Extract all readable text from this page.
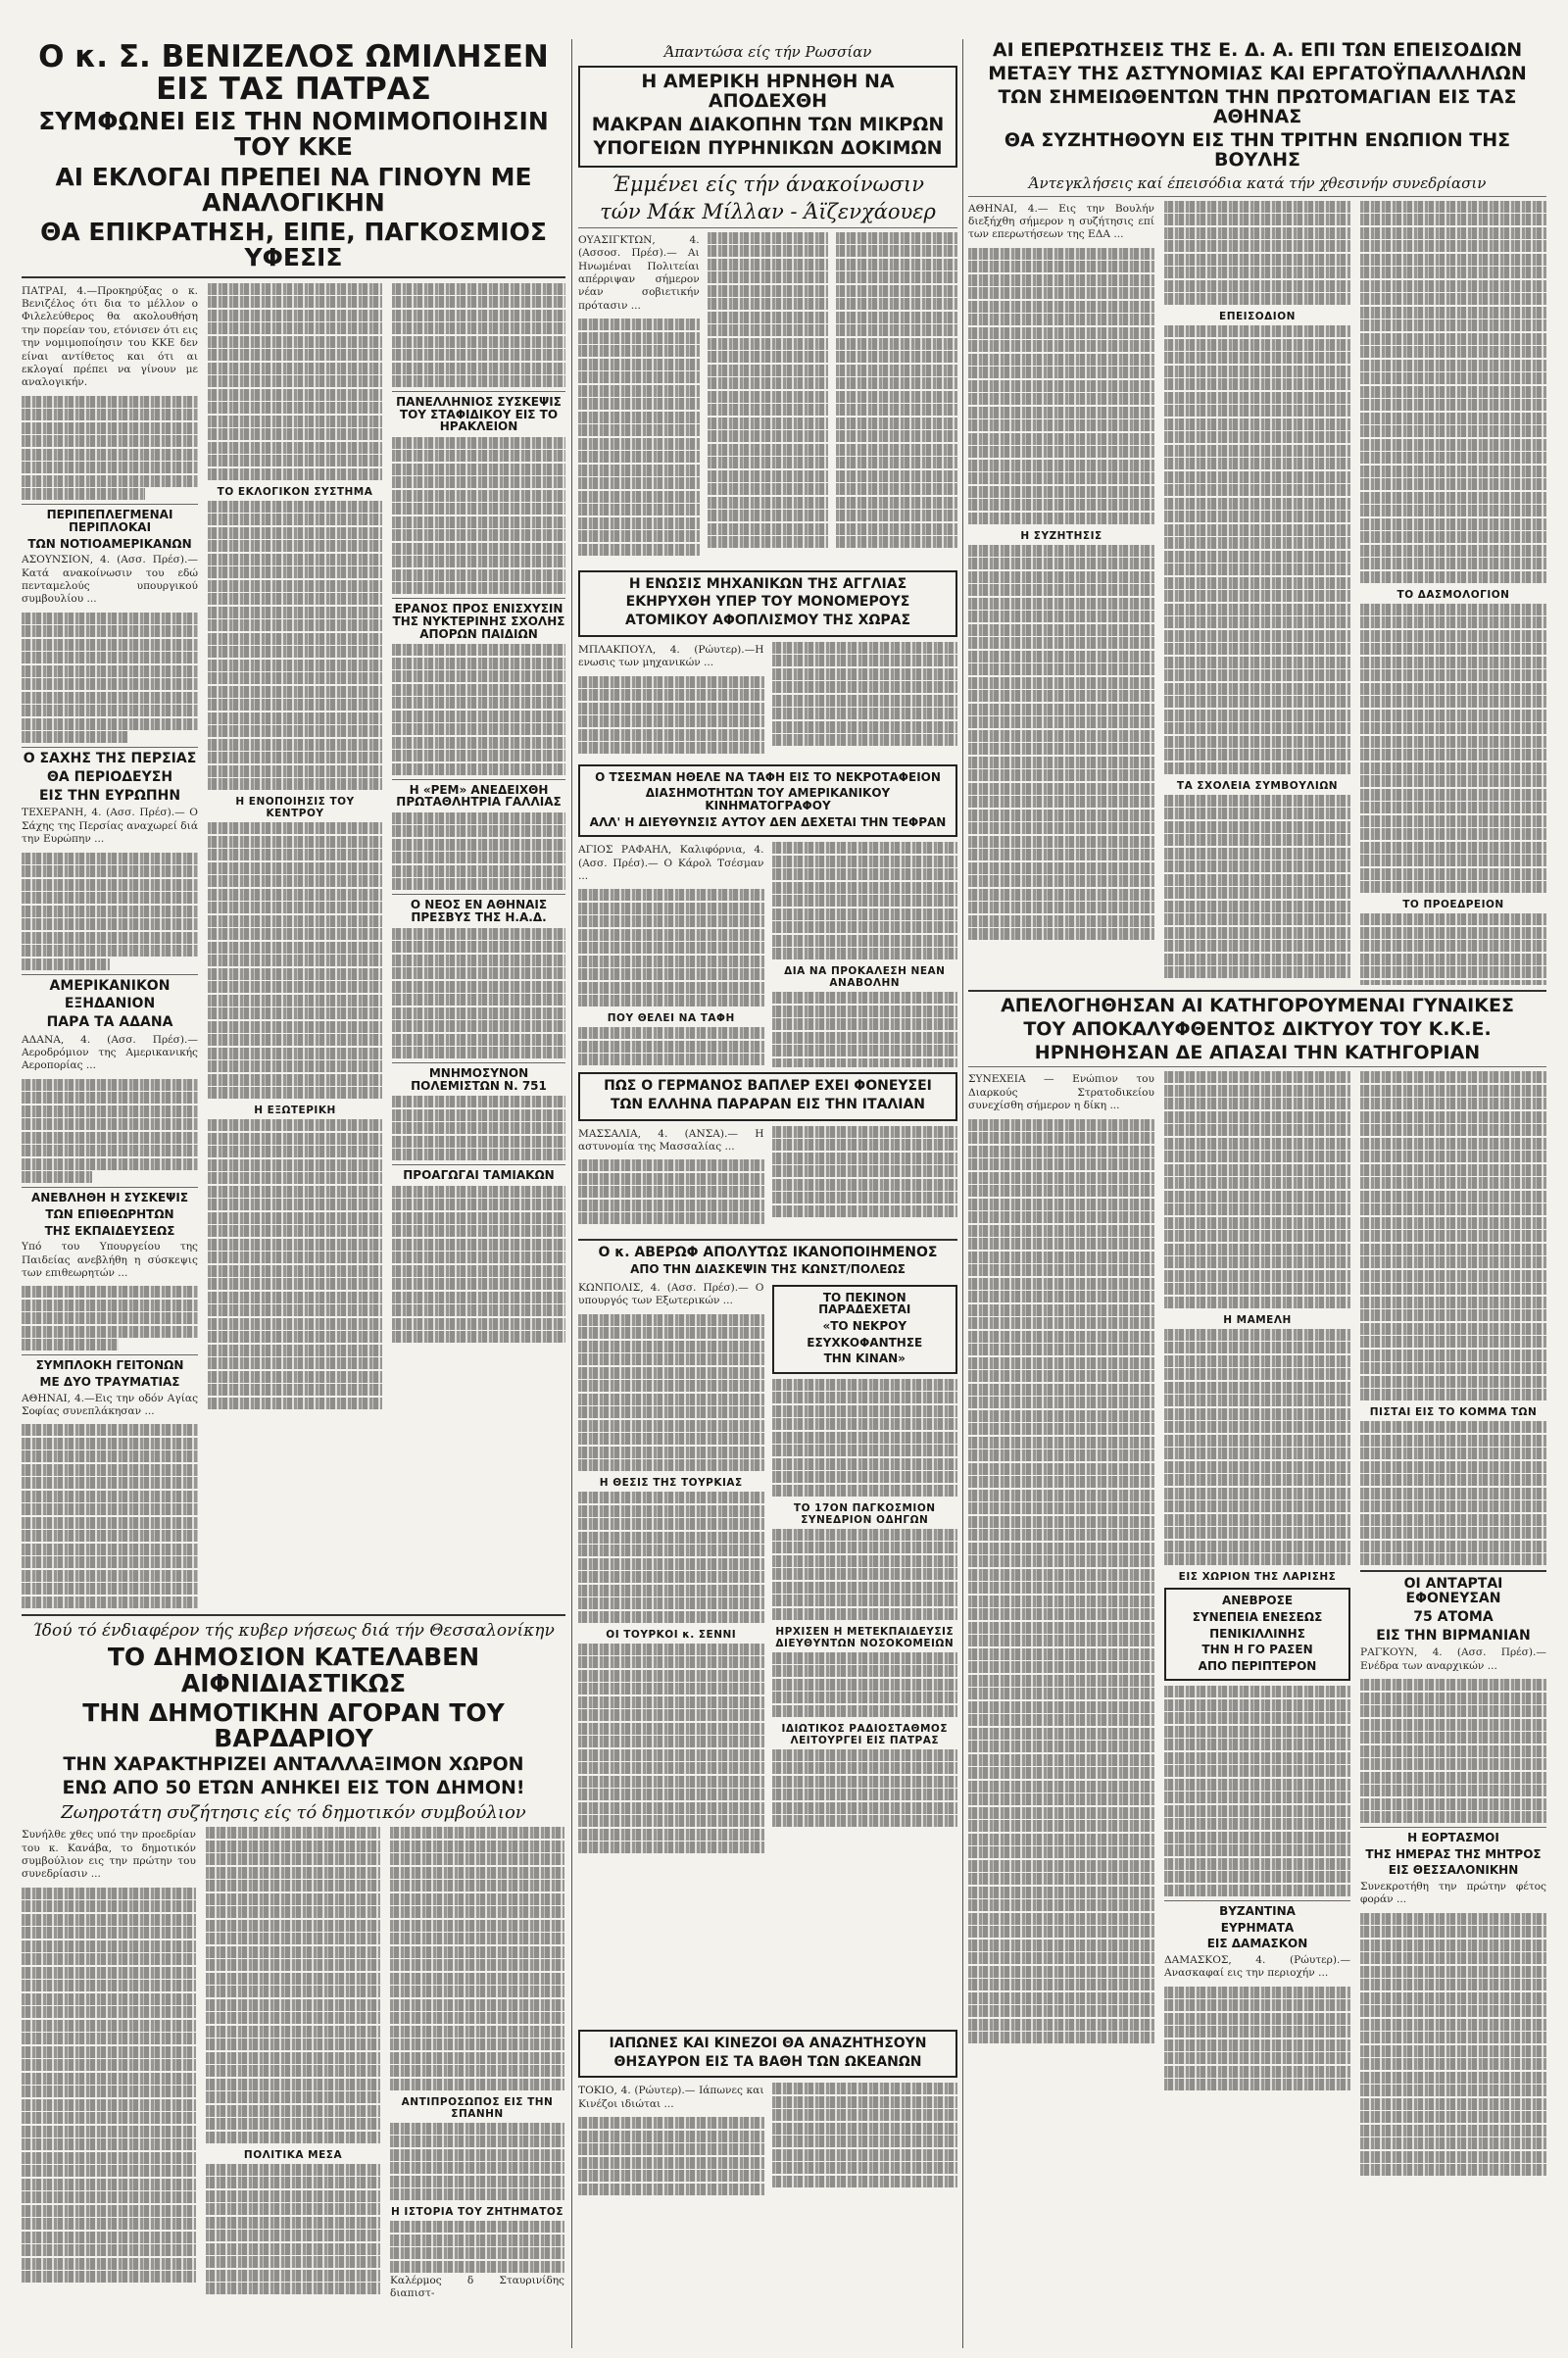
Ο κ. Σ. ΒΕΝΙΖΕΛΟΣ ΩΜΙΛΗΣΕΝ ΕΙΣ ΤΑΣ ΠΑΤΡΑΣ
ΣΥΜΦΩΝΕΙ ΕΙΣ ΤΗΝ ΝΟΜΙΜΟΠΟΙΗΣΙΝ ΤΟΥ ΚΚΕ
ΑΙ ΕΚΛΟΓΑΙ ΠΡΕΠΕΙ ΝΑ ΓΙΝΟΥΝ ΜΕ ΑΝΑΛΟΓΙΚΗΝ
ΘΑ ΕΠΙΚΡΑΤΗΣΗ, ΕΙΠΕ, ΠΑΓΚΟΣΜΙΟΣ ΥΦΕΣΙΣ
ΠΑΤΡΑΙ, 4.—Προκηρύξας ο κ. Βενιζέλος ότι δια το μέλλον ο Φιλελεύθερος θα ακολουθήση την πορείαν του, ετόνισεν ότι εις την νομιμοποίησιν του ΚΚΕ δεν είναι αντίθετος και ότι αι εκλογαί πρέπει να γίνουν με αναλογικήν.
ΠΕΡΙΠΕΠΛΕΓΜΕΝΑΙ ΠΕΡΙΠΛΟΚΑΙ
ΤΩΝ ΝΟΤΙΟΑΜΕΡΙΚΑΝΩΝ
ΑΣΟΥΝΣΙΟΝ, 4. (Ασσ. Πρέσ).— Κατά ανακοίνωσιν του εδώ πενταμελούς υπουργικού συμβουλίου ...
Ο ΣΑΧΗΣ ΤΗΣ ΠΕΡΣΙΑΣ
ΘΑ ΠΕΡΙΟΔΕΥΣΗ
ΕΙΣ ΤΗΝ ΕΥΡΩΠΗΝ
ΤΕΧΕΡΑΝΗ, 4. (Ασσ. Πρέσ).— Ο Σάχης της Περσίας αναχωρεί διά την Ευρώπην ...
ΑΜΕΡΙΚΑΝΙΚΟΝ
ΕΞΗΔΑΝΙΟΝ
ΠΑΡΑ ΤΑ ΑΔΑΝΑ
ΑΔΑΝΑ, 4. (Ασσ. Πρέσ).— Αεροδρόμιον της Αμερικανικής Αεροπορίας ...
ΑΝΕΒΛΗΘΗ Η ΣΥΣΚΕΨΙΣ
ΤΩΝ ΕΠΙΘΕΩΡΗΤΩΝ
ΤΗΣ ΕΚΠΑΙΔΕΥΣΕΩΣ
Υπό του Υπουργείου της Παιδείας ανεβλήθη η σύσκεψις των επιθεωρητών ...
ΣΥΜΠΛΟΚΗ ΓΕΙΤΟΝΩΝ
ΜΕ ΔΥΟ ΤΡΑΥΜΑΤΙΑΣ
ΑΘΗΝΑΙ, 4.—Εις την οδόν Αγίας Σοφίας συνεπλάκησαν ...
ΤΟ ΕΚΛΟΓΙΚΟΝ ΣΥΣΤΗΜΑ
Η ΕΝΟΠΟΙΗΣΙΣ ΤΟΥ ΚΕΝΤΡΟΥ
Η ΕΞΩΤΕΡΙΚΗ
ΠΑΝΕΛΛΗΝΙΟΣ ΣΥΣΚΕΨΙΣ ΤΟΥ ΣΤΑΦΙΔΙΚΟΥ ΕΙΣ ΤΟ ΗΡΑΚΛΕΙΟΝ
ΕΡΑΝΟΣ ΠΡΟΣ ΕΝΙΣΧΥΣΙΝ ΤΗΣ ΝΥΚΤΕΡΙΝΗΣ ΣΧΟΛΗΣ ΑΠΟΡΩΝ ΠΑΙΔΙΩΝ
Η «ΡΕΜ» ΑΝΕΔΕΙΧΘΗ ΠΡΩΤΑΘΛΗΤΡΙΑ ΓΑΛΛΙΑΣ
Ο ΝΕΟΣ ΕΝ ΑΘΗΝΑΙΣ ΠΡΕΣΒΥΣ ΤΗΣ Η.Α.Δ.
ΜΝΗΜΟΣΥΝΟΝ ΠΟΛΕΜΙΣΤΩΝ Ν. 751
ΠΡΟΑΓΩΓΑΙ ΤΑΜΙΑΚΩΝ
Ίδού τό ένδιαφέρον τής κυβερ νήσεως διά τήν Θεσσαλονίκην
ΤΟ ΔΗΜΟΣΙΟΝ ΚΑΤΕΛΑΒΕΝ ΑΙΦΝΙΔΙΑΣΤΙΚΩΣ
ΤΗΝ ΔΗΜΟΤΙΚΗΝ ΑΓΟΡΑΝ ΤΟΥ ΒΑΡΔΑΡΙΟΥ
ΤΗΝ ΧΑΡΑΚΤΗΡΙΖΕΙ ΑΝΤΑΛΛΑΞΙΜΟΝ ΧΩΡΟΝ
ΕΝΩ ΑΠΟ 50 ΕΤΩΝ ΑΝΗΚΕΙ ΕΙΣ ΤΟΝ ΔΗΜΟΝ!
Ζωηροτάτη συζήτησις είς τό δημοτικόν συμβούλιον
Συνήλθε χθες υπό την προεδρίαν του κ. Κανάβα, το δημοτικόν συμβούλιον εις την πρώτην του συνεδρίασιν ...
ΠΟΛΙΤΙΚΑ ΜΕΣΑ
ΑΝΤΙΠΡΟΣΩΠΟΣ ΕΙΣ ΤΗΝ ΣΠΑΝΗΝ
Η ΙΣΤΟΡΙΑ ΤΟΥ ΖΗΤΗΜΑΤΟΣ
Καλέρμος δ Σταυρινίδης διαπιστ-
Άπαντώσα είς τήν Ρωσσίαν
Η ΑΜΕΡΙΚΗ ΗΡΝΗΘΗ ΝΑ ΑΠΟΔΕΧΘΗ
ΜΑΚΡΑΝ ΔΙΑΚΟΠΗΝ ΤΩΝ ΜΙΚΡΩΝ
ΥΠΟΓΕΙΩΝ ΠΥΡΗΝΙΚΩΝ ΔΟΚΙΜΩΝ
Έμμένει είς τήν άνακοίνωσιν
τών Μάκ Μίλλαν - Άϊζενχάουερ
ΟΥΑΣΙΓΚΤΩΝ, 4. (Ασσοσ. Πρέσ).— Αι Ηνωμέναι Πολιτείαι απέρριψαν σήμερον νέαν σοβιετικήν πρότασιν ...
Η ΕΝΩΣΙΣ ΜΗΧΑΝΙΚΩΝ ΤΗΣ ΑΓΓΛΙΑΣ
ΕΚΗΡΥΧΘΗ ΥΠΕΡ ΤΟΥ ΜΟΝΟΜΕΡΟΥΣ
ΑΤΟΜΙΚΟΥ ΑΦΟΠΛΙΣΜΟΥ ΤΗΣ ΧΩΡΑΣ
ΜΠΛΑΚΠΟΥΛ, 4. (Ρώυτερ).—Η ενωσις των μηχανικών ...
Ο ΤΣΕΣΜΑΝ ΗΘΕΛΕ ΝΑ ΤΑΦΗ ΕΙΣ ΤΟ ΝΕΚΡΟΤΑΦΕΙΟΝ
ΔΙΑΣΗΜΟΤΗΤΩΝ ΤΟΥ ΑΜΕΡΙΚΑΝΙΚΟΥ ΚΙΝΗΜΑΤΟΓΡΑΦΟΥ
ΑΛΛ' Η ΔΙΕΥΘΥΝΣΙΣ ΑΥΤΟΥ ΔΕΝ ΔΕΧΕΤΑΙ ΤΗΝ ΤΕΦΡΑΝ
ΑΓΙΟΣ ΡΑΦΑΗΛ, Καλιφόρνια, 4. (Ασσ. Πρέσ).— Ο Κάρολ Τσέσμαν ...
ΠΟΥ ΘΕΛΕΙ ΝΑ ΤΑΦΗ
ΔΙΑ ΝΑ ΠΡΟΚΑΛΕΣΗ ΝΕΑΝ ΑΝΑΒΟΛΗΝ
ΠΩΣ Ο ΓΕΡΜΑΝΟΣ ΒΑΠΛΕΡ ΕΧΕΙ ΦΟΝΕΥΣΕΙ
ΤΩΝ ΕΛΛΗΝΑ ΠΑΡΑΡΑΝ ΕΙΣ ΤΗΝ ΙΤΑΛΙΑΝ
ΜΑΣΣΑΛΙΑ, 4. (ΑΝΣΑ).— Η αστυνομία της Μασσαλίας ...
Ο κ. ΑΒΕΡΩΦ ΑΠΟΛΥΤΩΣ ΙΚΑΝΟΠΟΙΗΜΕΝΟΣ
ΑΠΟ ΤΗΝ ΔΙΑΣΚΕΨΙΝ ΤΗΣ ΚΩΝΣΤ/ΠΟΛΕΩΣ
ΚΩΝΠΟΛΙΣ, 4. (Ασσ. Πρέσ).— Ο υπουργός των Εξωτερικών ...
Η ΘΕΣΙΣ ΤΗΣ ΤΟΥΡΚΙΑΣ
ΟΙ ΤΟΥΡΚΟΙ κ. ΣΕΝΝΙ
ΤΟ ΠΕΚΙΝΟΝ ΠΑΡΑΔΕΧΕΤΑΙ
«ΤΟ ΝΕΚΡΟΥ
ΕΣΥΧΚΟΦΑΝΤΗΣΕ
ΤΗΝ ΚΙΝΑΝ»
ΤΟ 17ΟΝ ΠΑΓΚΟΣΜΙΟΝ ΣΥΝΕΔΡΙΟΝ ΟΔΗΓΩΝ
ΗΡΧΙΣΕΝ Η ΜΕΤΕΚΠΑΙΔΕΥΣΙΣ ΔΙΕΥΘΥΝΤΩΝ ΝΟΣΟΚΟΜΕΙΩΝ
ΙΔΙΩΤΙΚΟΣ ΡΑΔΙΟΣΤΑΘΜΟΣ ΛΕΙΤΟΥΡΓΕΙ ΕΙΣ ΠΑΤΡΑΣ
ΙΑΠΩΝΕΣ ΚΑΙ ΚΙΝΕΖΟΙ ΘΑ ΑΝΑΖΗΤΗΣΟΥΝ
ΘΗΣΑΥΡΟΝ ΕΙΣ ΤΑ ΒΑΘΗ ΤΩΝ ΩΚΕΑΝΩΝ
ΤΟΚΙΟ, 4. (Ρώυτερ).— Ιάπωνες και Κινέζοι ιδιώται ...
ΑΙ ΕΠΕΡΩΤΗΣΕΙΣ ΤΗΣ Ε. Δ. Α. ΕΠΙ ΤΩΝ ΕΠΕΙΣΟΔΙΩΝ
ΜΕΤΑΞΥ ΤΗΣ ΑΣΤΥΝΟΜΙΑΣ ΚΑΙ ΕΡΓΑΤΟΫΠΑΛΛΗΛΩΝ
ΤΩΝ ΣΗΜΕΙΩΘΕΝΤΩΝ ΤΗΝ ΠΡΩΤΟΜΑΓΙΑΝ ΕΙΣ ΤΑΣ ΑΘΗΝΑΣ
ΘΑ ΣΥΖΗΤΗΘΟΥΝ ΕΙΣ ΤΗΝ ΤΡΙΤΗΝ ΕΝΩΠΙΟΝ ΤΗΣ ΒΟΥΛΗΣ
Άντεγκλήσεις καί έπεισόδια κατά τήν χθεσινήν συνεδρίασιν
ΑΘΗΝΑΙ, 4.— Εις την Βουλήν διεξήχθη σήμερον η συζήτησις επί των επερωτήσεων της ΕΔΑ ...
Η ΣΥΖΗΤΗΣΙΣ
ΕΠΕΙΣΟΔΙΟΝ
ΤΑ ΣΧΟΛΕΙΑ ΣΥΜΒΟΥΛΙΩΝ
ΤΟ ΔΑΣΜΟΛΟΓΙΟΝ
ΤΟ ΠΡΟΕΔΡΕΙΟΝ
ΑΠΕΛΟΓΗΘΗΣΑΝ ΑΙ ΚΑΤΗΓΟΡΟΥΜΕΝΑΙ ΓΥΝΑΙΚΕΣ
ΤΟΥ ΑΠΟΚΑΛΥΦΘΕΝΤΟΣ ΔΙΚΤΥΟΥ ΤΟΥ Κ.Κ.Ε.
ΗΡΝΗΘΗΣΑΝ ΔΕ ΑΠΑΣΑΙ ΤΗΝ ΚΑΤΗΓΟΡΙΑΝ
ΣΥΝΕΧΕΙΑ — Ενώπιον του Διαρκούς Στρατοδικείου συνεχίσθη σήμερον η δίκη ...
Η ΜΑΜΕΛΗ
ΕΙΣ ΧΩΡΙΟΝ ΤΗΣ ΛΑΡΙΣΗΣ
ΑΝΕΒΡΟΣΕ
ΣΥΝΕΠΕΙΑ ΕΝΕΣΕΩΣ
ΠΕΝΙΚΙΛΛΙΝΗΣ
ΤΗΝ Η ΓΟ ΡΑΣΕΝ
ΑΠΟ ΠΕΡΙΠΤΕΡΟΝ
ΒΥΖΑΝΤΙΝΑ
ΕΥΡΗΜΑΤΑ
ΕΙΣ ΔΑΜΑΣΚΟΝ
ΔΑΜΑΣΚΟΣ, 4. (Ρώυτερ).— Ανασκαφαί εις την περιοχήν ...
ΠΙΣΤΑΙ ΕΙΣ ΤΟ ΚΟΜΜΑ ΤΩΝ
ΟΙ ΑΝΤΑΡΤΑΙ ΕΦΟΝΕΥΣΑΝ
75 ΑΤΟΜΑ
ΕΙΣ ΤΗΝ ΒΙΡΜΑΝΙΑΝ
ΡΑΓΚΟΥΝ, 4. (Ασσ. Πρέσ).— Ενέδρα των αναρχικών ...
Η ΕΟΡΤΑΣΜΟΙ
ΤΗΣ ΗΜΕΡΑΣ ΤΗΣ ΜΗΤΡΟΣ
ΕΙΣ ΘΕΣΣΑΛΟΝΙΚΗΝ
Συνεκροτήθη την πρώτην φέτος φοράν ...
